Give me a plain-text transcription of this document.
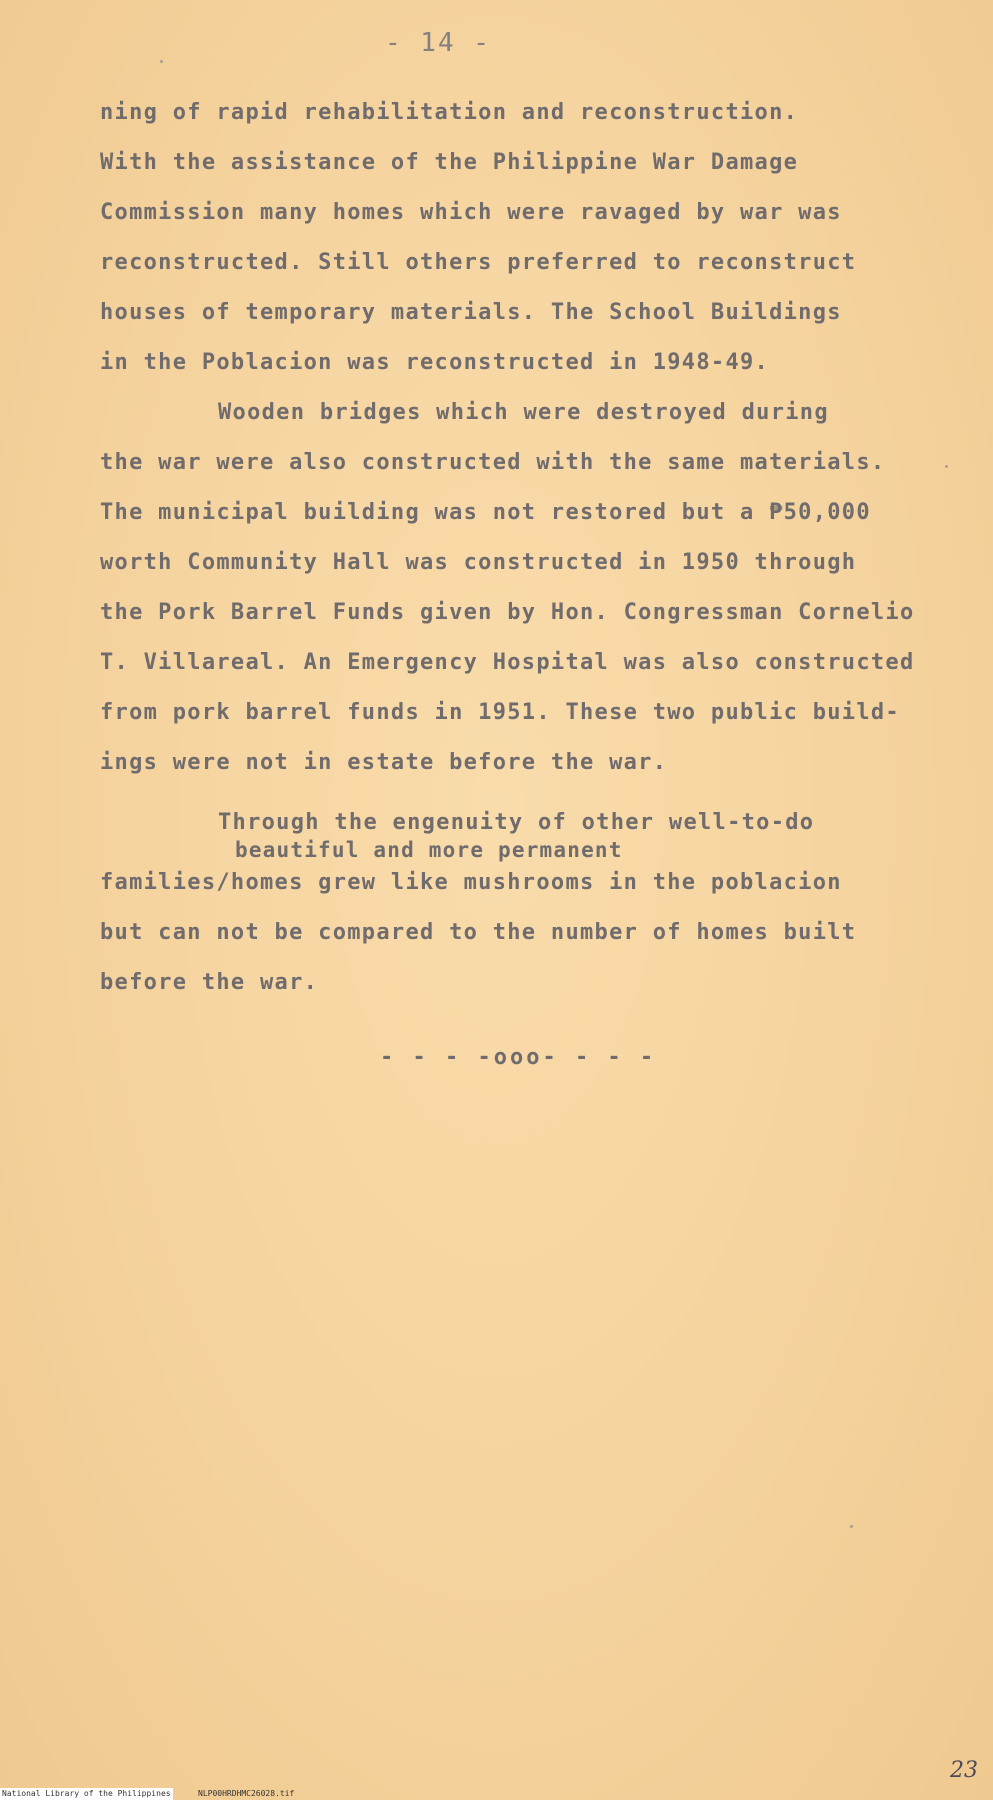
- 14 -
ning of rapid rehabilitation and reconstruction.
With the assistance of the Philippine War Damage
Commission many homes which were ravaged by war was
reconstructed. Still others preferred to reconstruct
houses of temporary materials. The School Buildings
in the Poblacion was reconstructed in 1948-49.
Wooden bridges which were destroyed during
the war were also constructed with the same materials.
The municipal building was not restored but a ₱50,000
worth Community Hall was constructed in 1950 through
the Pork Barrel Funds given by Hon. Congressman Cornelio
T. Villareal. An Emergency Hospital was also constructed
from pork barrel funds in 1951. These two public build-
ings were not in estate before the war.
Through the engenuity of other well-to-do
beautiful and more permanent
families/homes grew like mushrooms in the poblacion
but can not be compared to the number of homes built
before the war.
- - - -ooo- - - -
23
National Library of the Philippines	NLP00HRDHMC26028.tif
